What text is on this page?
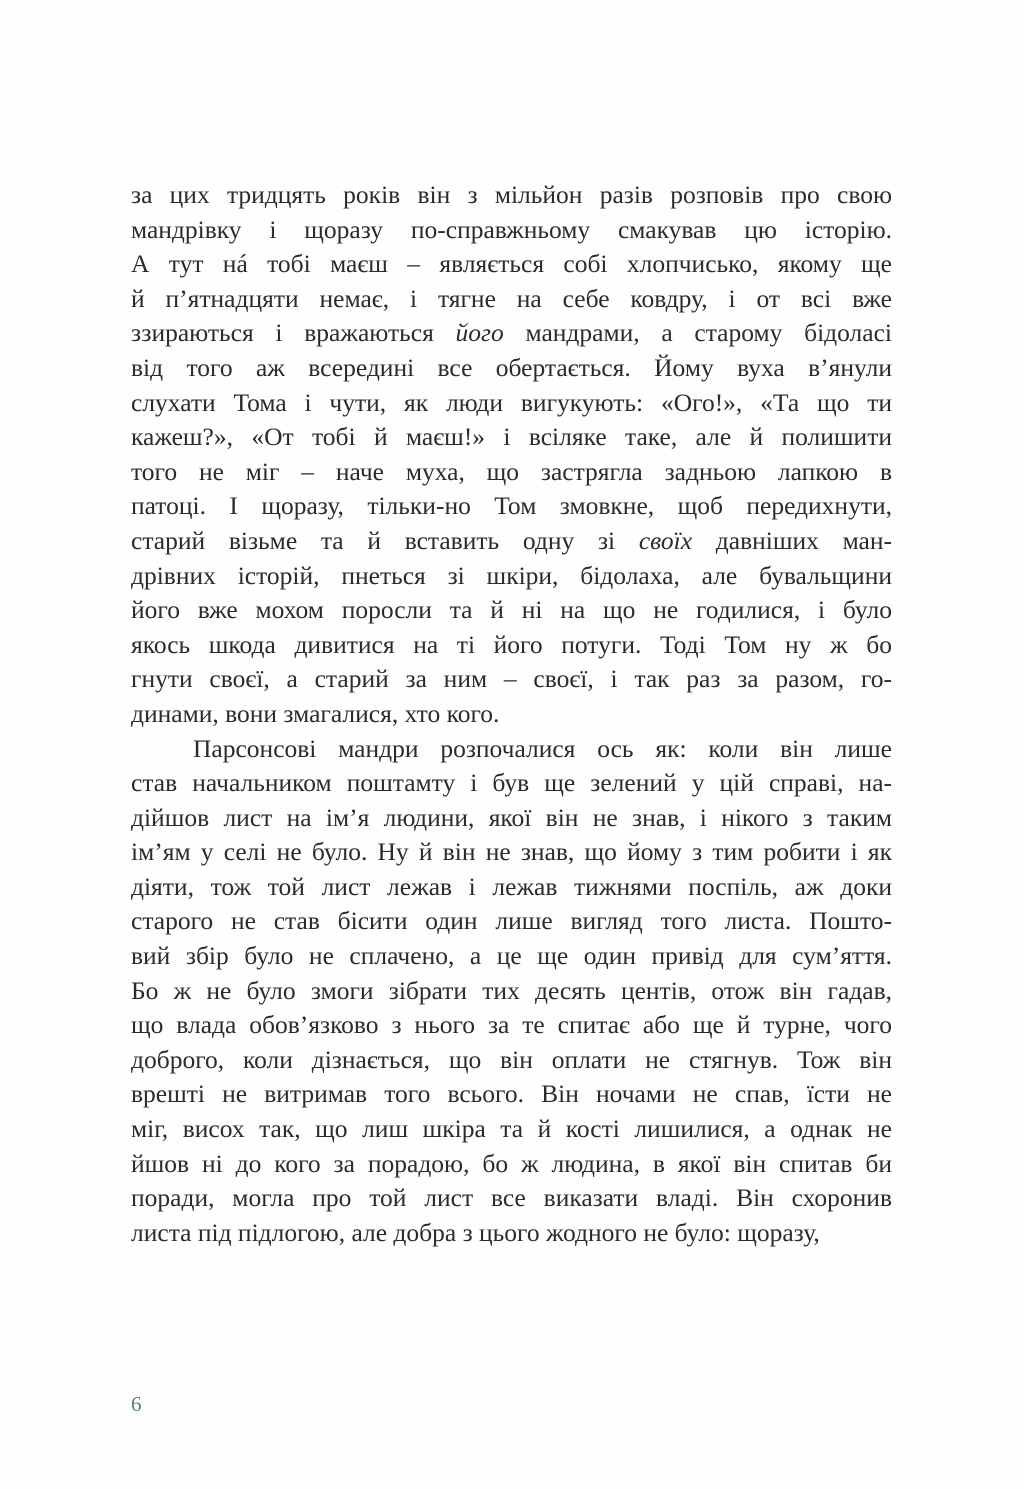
за цих тридцять років він з мільйон разів розповів про свою
мандрівку і щоразу по-справжньому смакував цю історію.
А тут нá тобі маєш – являється собі хлопчисько, якому ще
й п’ятнадцяти немає, і тягне на себе ковдру, і от всі вже
ззираються і вражаються його мандрами, а старому бідоласі
від того аж всередині все обертається. Йому вуха в’янули
слухати Тома і чути, як люди вигукують: «Ого!», «Та що ти
кажеш?», «От тобі й маєш!» і всіляке таке, але й полишити
того не міг – наче муха, що застрягла задньою лапкою в
патоці. І щоразу, тільки-но Том змовкне, щоб передихнути,
старий візьме та й вставить одну зі своїх давніших ман-
дрівних історій, пнеться зі шкіри, бідолаха, але бувальщини
його вже мохом поросли та й ні на що не годилися, і було
якось шкода дивитися на ті його потуги. Тоді Том ну ж бо
гнути своєї, а старий за ним – своєї, і так раз за разом, го-
динами, вони змагалися, хто кого.
Парсонсові мандри розпочалися ось як: коли він лише
став начальником поштамту і був ще зелений у цій справі, на-
дійшов лист на ім’я людини, якої він не знав, і нікого з таким
ім’ям у селі не було. Ну й він не знав, що йому з тим робити і як
діяти, тож той лист лежав і лежав тижнями поспіль, аж доки
старого не став бісити один лише вигляд того листа. Пошто-
вий збір було не сплачено, а це ще один привід для сум’яття.
Бо ж не було змоги зібрати тих десять центів, отож він гадав,
що влада обов’язково з нього за те спитає або ще й турне, чого
доброго, коли дізнається, що він оплати не стягнув. Тож він
врешті не витримав того всього. Він ночами не спав, їсти не
міг, висох так, що лиш шкіра та й кості лишилися, а однак не
йшов ні до кого за порадою, бо ж людина, в якої він спитав би
поради, могла про той лист все виказати владі. Він схоронив
листа під підлогою, але добра з цього жодного не було: щоразу,
6
